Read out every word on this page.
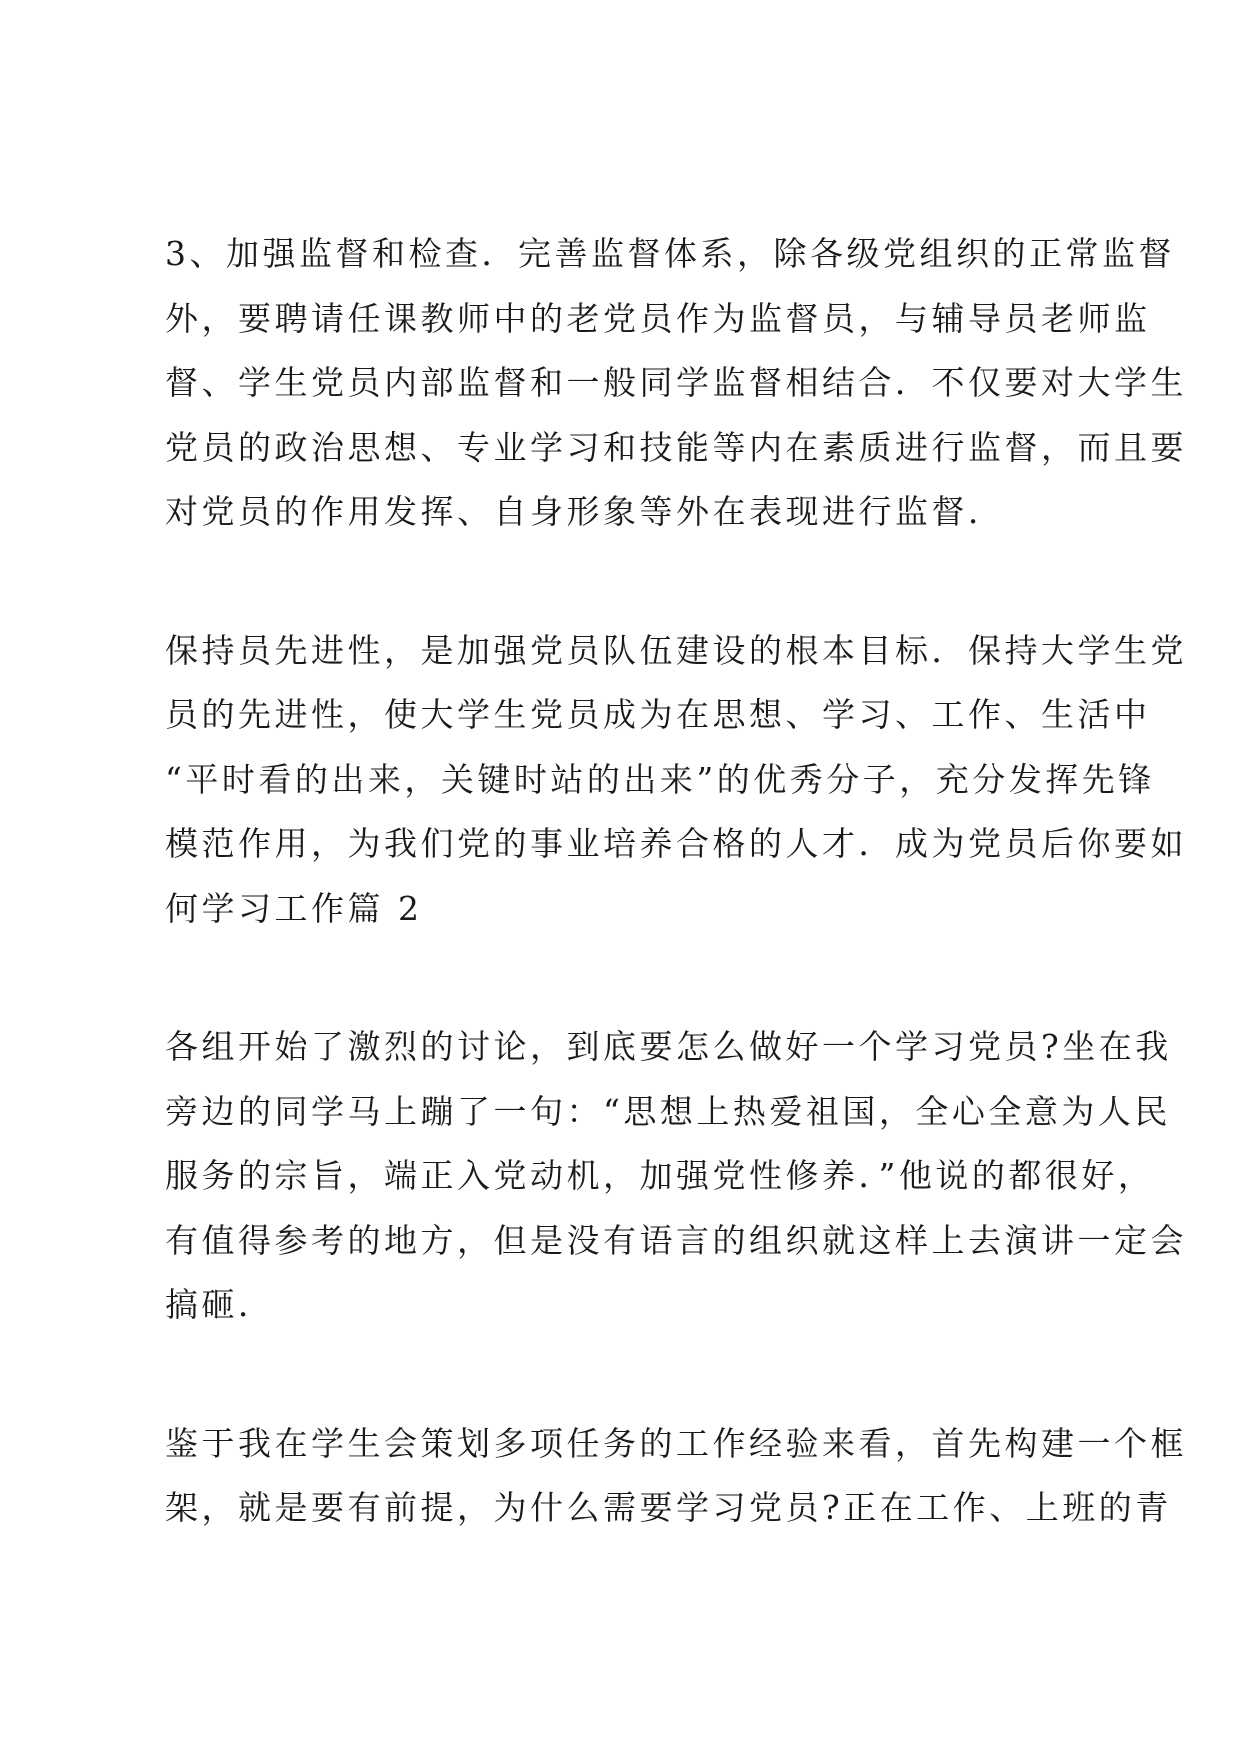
3、加强监督和检查．完善监督体系，除各级党组织的正常监督
外，要聘请任课教师中的老党员作为监督员，与辅导员老师监
督、学生党员内部监督和一般同学监督相结合．不仅要对大学生
党员的政治思想、专业学习和技能等内在素质进行监督，而且要
对党员的作用发挥、自身形象等外在表现进行监督．
保持员先进性，是加强党员队伍建设的根本目标．保持大学生党
员的先进性，使大学生党员成为在思想、学习、工作、生活中
“平时看的出来，关键时站的出来”的优秀分子，充分发挥先锋
模范作用，为我们党的事业培养合格的人才．成为党员后你要如
何学习工作篇 2
各组开始了激烈的讨论，到底要怎么做好一个学习党员?坐在我
旁边的同学马上蹦了一句：“思想上热爱祖国，全心全意为人民
服务的宗旨，端正入党动机，加强党性修养．”他说的都很好，
有值得参考的地方，但是没有语言的组织就这样上去演讲一定会
搞砸．
鉴于我在学生会策划多项任务的工作经验来看，首先构建一个框
架，就是要有前提，为什么需要学习党员?正在工作、上班的青
